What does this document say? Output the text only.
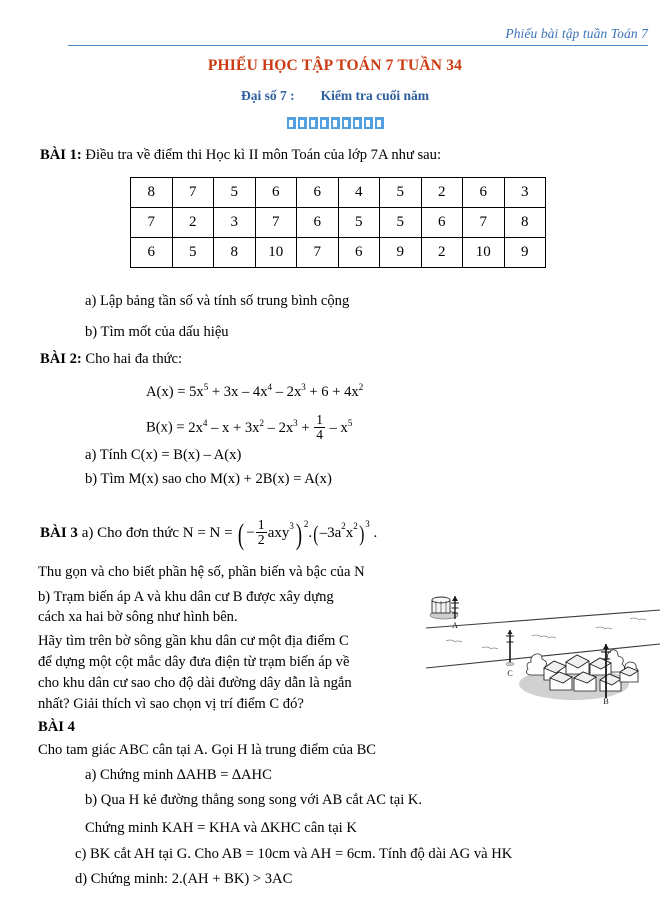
Phiếu bài tập tuần Toán 7
PHIẾU HỌC TẬP TOÁN 7 TUẦN 34
Đại số 7 : Kiểm tra cuối năm
BÀI 1: Điều tra về điểm thi Học kì II môn Toán của lớp 7A như sau:
8	7	5	6	6	4	5	2	6	3
7	2	3	7	6	5	5	6	7	8
6	5	8	10	7	6	9	2	10	9
a) Lập bảng tần số và tính số trung bình cộng
b) Tìm mốt của dấu hiệu
BÀI 2: Cho hai đa thức:
$A(x) = 5x^5 + 3x - 4x^4 - 2x^3 + 6 + 4x^2$
$B(x) = 2x^4 - x + 3x^2 - 2x^3 + \frac{1}{4} - x^5$
a) Tính C(x) = B(x) – A(x)
b) Tìm M(x) sao cho M(x) + 2B(x) = A(x)
BÀI 3 a) Cho đơn thức N = N = ( − $\frac{1}{2} axy^3$) $^2.(-3a^2x^2)^3$ .
Thu gọn và cho biết phần hệ số, phần biến và bậc của N
b) Trạm biến áp A và khu dân cư B được xây dựng
cách xa hai bờ sông như hình bên.
Hãy tìm trên bờ sông gần khu dân cư một địa điểm C
để dựng một cột mắc dây đưa điện từ trạm biến áp về
cho khu dân cư sao cho độ dài đường dây dẫn là ngắn
nhất? Giải thích vì sao chọn vị trí điểm C đó?
A
C
B
BÀI 4
Cho tam giác ABC cân tại A. Gọi H là trung điểm của BC
a) Chứng minh ∆AHB = ∆AHC
b) Qua H kẻ đường thẳng song song với AB cắt AC tại K.
Chứng minh KAH = KHA và ∆KHC cân tại K
c) BK cắt AH tại G. Cho AB = 10cm và AH = 6cm. Tính độ dài AG và HK
d) Chứng minh: 2.(AH + BK) > 3AC
